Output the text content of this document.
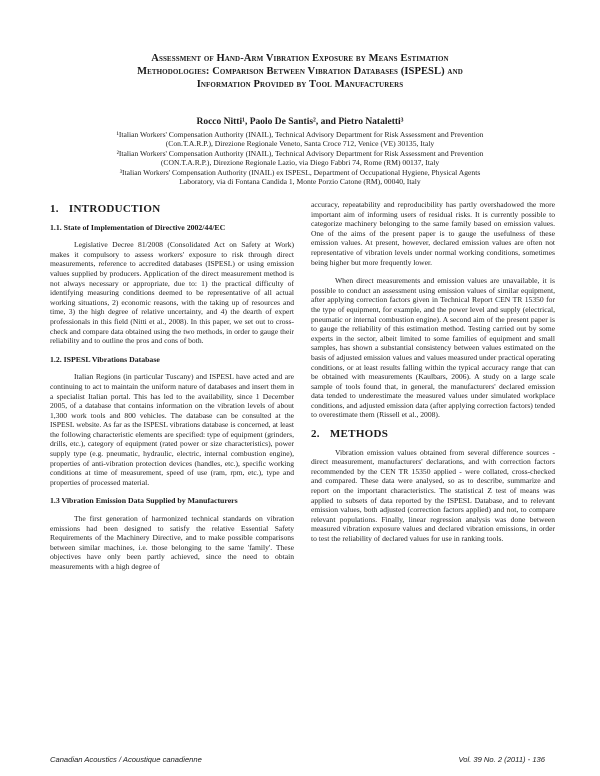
Assessment of Hand-Arm Vibration Exposure by Means Estimation
Methodologies: Comparison Between Vibration Databases (ISPESL) and
Information Provided by Tool Manufacturers
Rocco Nitti¹, Paolo De Santis², and Pietro Nataletti³

¹Italian Workers' Compensation Authority (INAIL), Technical Advisory Department for Risk Assessment and Prevention

(Con.T.A.R.P.), Direzione Regionale Veneto, Santa Croce 712, Venice (VE) 30135, Italy

²Italian Workers' Compensation Authority (INAIL), Technical Advisory Department for Risk Assessment and Prevention

(CON.T.A.R.P.), Direzione Regionale Lazio, via Diego Fabbri 74, Rome (RM) 00137, Italy

³Italian Workers' Compensation Authority (INAIL) ex ISPESL, Department of Occupational Hygiene, Physical Agents

Laboratory, via di Fontana Candida 1, Monte Porzio Catone (RM), 00040, Italy

1. INTRODUCTION
1.1. State of Implementation of Directive 2002/44/EC

Legislative Decree 81/2008 (Consolidated Act on Safety at Work) makes it compulsory to assess workers' exposure to risk through direct measurements, reference to accredited databases (ISPESL) or using emission values supplied by producers. Application of the direct measurement method is not always necessary or appropriate, due to: 1) the practical difficulty of identifying measuring conditions deemed to be representative of all actual working situations, 2) economic reasons, with the taking up of resources and time, 3) the high degree of relative uncertainty, and 4) the dearth of expert professionals in this field (Nitti et al., 2008). In this paper, we set out to cross-check and compare data obtained using the two methods, in order to gauge their reliability and to outline the pros and cons of both.

1.2. ISPESL Vibrations Database

Italian Regions (in particular Tuscany) and ISPESL have acted and are continuing to act to maintain the uniform nature of databases and insert them in a specialist Italian portal. This has led to the availability, since 1 December 2005, of a database that contains information on the vibration levels of about 1,300 work tools and 800 vehicles. The database can be consulted at the ISPESL website. As far as the ISPESL vibrations database is concerned, at least the following characteristic elements are specified: type of equipment (grinders, drills, etc.), category of equipment (rated power or size characteristics), power supply type (e.g. pneumatic, hydraulic, electric, internal combustion engine), properties of anti-vibration protection devices (handles, etc.), specific working conditions at time of measurement, speed of use (ram, rpm, etc.), type and properties of processed material.

1.3 Vibration Emission Data Supplied by Manufacturers

The first generation of harmonized technical standards on vibration emissions had been designed to satisfy the relative Essential Safety Requirements of the Machinery Directive, and to make possible comparisons between similar machines, i.e. those belonging to the same 'family'. These objectives have only been partly achieved, since the need to obtain measurements with a high degree of

accuracy, repeatability and reproducibility has partly overshadowed the more important aim of informing users of residual risks. It is currently possible to categorize machinery belonging to the same family based on emission values. One of the aims of the present paper is to gauge the usefulness of these emission values. At present, however, declared emission values are often not representative of vibration levels under normal working conditions, sometimes being higher but more frequently lower.

When direct measurements and emission values are unavailable, it is possible to conduct an assessment using emission values of similar equipment, after applying correction factors given in Technical Report CEN TR 15350 for the type of equipment, for example, and the power level and supply (electrical, pneumatic or internal combustion engine). A second aim of the present paper is to gauge the reliability of this estimation method. Testing carried out by some experts in the sector, albeit limited to some families of equipment and small samples, has shown a substantial consistency between values estimated on the basis of adjusted emission values and values measured under practical operating conditions, or at least results falling within the typical accuracy range that can be obtained with measurements (Kaulbars, 2006). A study on a large scale sample of tools found that, in general, the manufacturers' declared emission data tended to underestimate the measured values under simulated workplace conditions, and adjusted emission data (after applying correction factors) tended to overestimate them (Rissell et al., 2008).

2. METHODS

Vibration emission values obtained from several difference sources - direct measurement, manufacturers' declarations, and with correction factors recommended by the CEN TR 15350 applied - were collated, cross-checked and compared. These data were analysed, so as to describe, summarize and report on the important characteristics. The statistical Z test of means was applied to subsets of data reported by the ISPESL Database, and to relevant emission values, both adjusted (correction factors applied) and not, to compare relevant populations. Finally, linear regression analysis was done between measured vibration exposure values and declared vibration emissions, in order to test the reliability of declared values for use in ranking tools.

Canadian Acoustics / Acoustique canadienne	Vol. 39 No. 2 (2011) - 136
